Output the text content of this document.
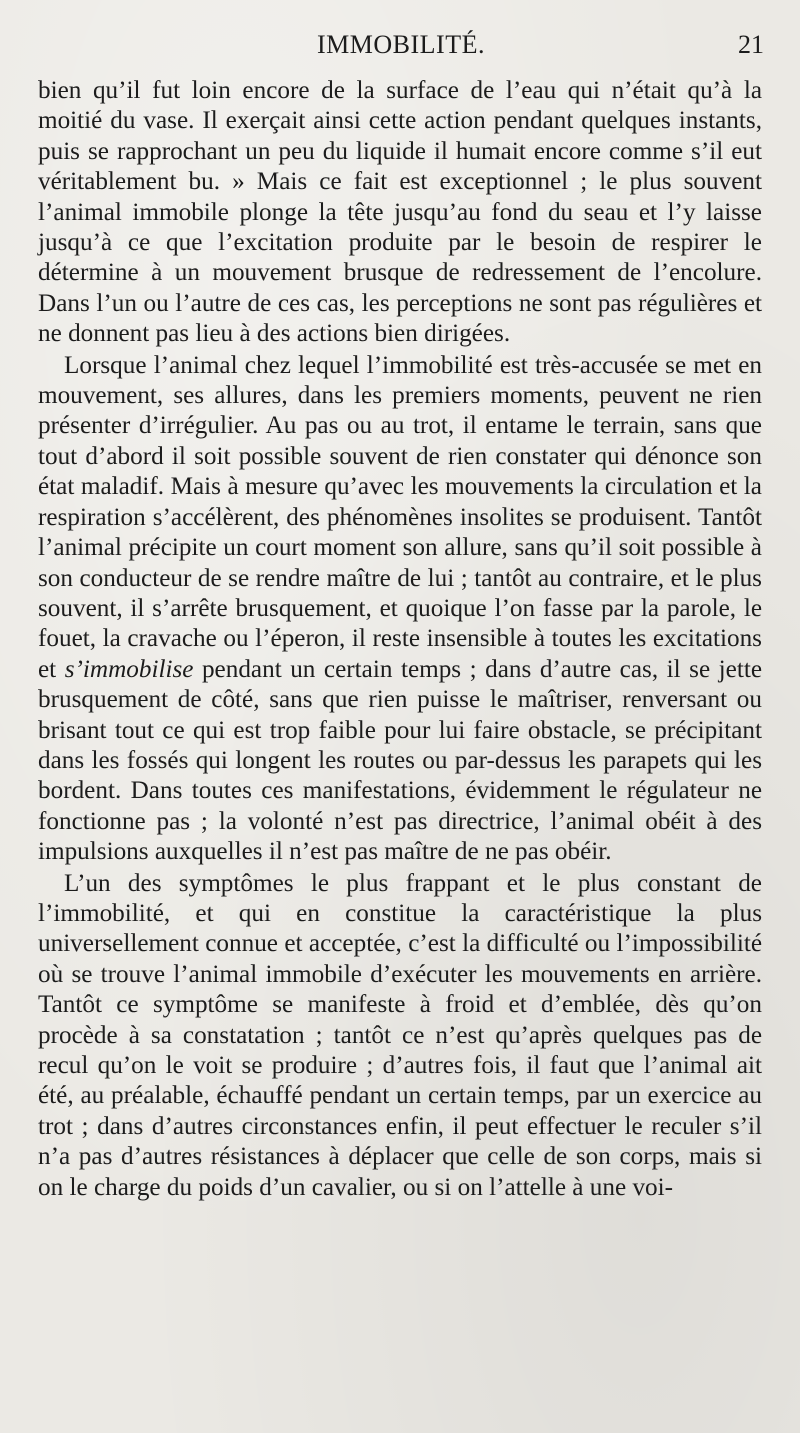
IMMOBILITÉ.	21

bien qu’il fut loin encore de la surface de l’eau qui n’était qu’à la moitié du vase. Il exerçait ainsi cette action pendant quelques instants, puis se rapprochant un peu du liquide il humait encore comme s’il eut véritablement bu. » Mais ce fait est exceptionnel ; le plus souvent l’animal immobile plonge la tête jusqu’au fond du seau et l’y laisse jusqu’à ce que l’excitation produite par le besoin de respirer le détermine à un mouvement brusque de redressement de l’encolure. Dans l’un ou l’autre de ces cas, les perceptions ne sont pas régulières et ne donnent pas lieu à des actions bien dirigées.

Lorsque l’animal chez lequel l’immobilité est très-accusée se met en mouvement, ses allures, dans les premiers moments, peuvent ne rien présenter d’irrégulier. Au pas ou au trot, il entame le terrain, sans que tout d’abord il soit possible souvent de rien constater qui dénonce son état maladif. Mais à mesure qu’avec les mouvements la circulation et la respiration s’accélèrent, des phénomènes insolites se produisent. Tantôt l’animal précipite un court moment son allure, sans qu’il soit possible à son conducteur de se rendre maître de lui ; tantôt au contraire, et le plus souvent, il s’arrête brusquement, et quoique l’on fasse par la parole, le fouet, la cravache ou l’éperon, il reste insensible à toutes les excitations et s’immobilise pendant un certain temps ; dans d’autre cas, il se jette brusquement de côté, sans que rien puisse le maîtriser, renversant ou brisant tout ce qui est trop faible pour lui faire obstacle, se précipitant dans les fossés qui longent les routes ou par-dessus les parapets qui les bordent. Dans toutes ces manifestations, évidemment le régulateur ne fonctionne pas ; la volonté n’est pas directrice, l’animal obéit à des impulsions auxquelles il n’est pas maître de ne pas obéir.

L’un des symptômes le plus frappant et le plus constant de l’immobilité, et qui en constitue la caractéristique la plus universellement connue et acceptée, c’est la difficulté ou l’impossibilité où se trouve l’animal immobile d’exécuter les mouvements en arrière. Tantôt ce symptôme se manifeste à froid et d’emblée, dès qu’on procède à sa constatation ; tantôt ce n’est qu’après quelques pas de recul qu’on le voit se produire ; d’autres fois, il faut que l’animal ait été, au préalable, échauffé pendant un certain temps, par un exercice au trot ; dans d’autres circonstances enfin, il peut effectuer le reculer s’il n’a pas d’autres résistances à déplacer que celle de son corps, mais si on le charge du poids d’un cavalier, ou si on l’attelle à une voi-
